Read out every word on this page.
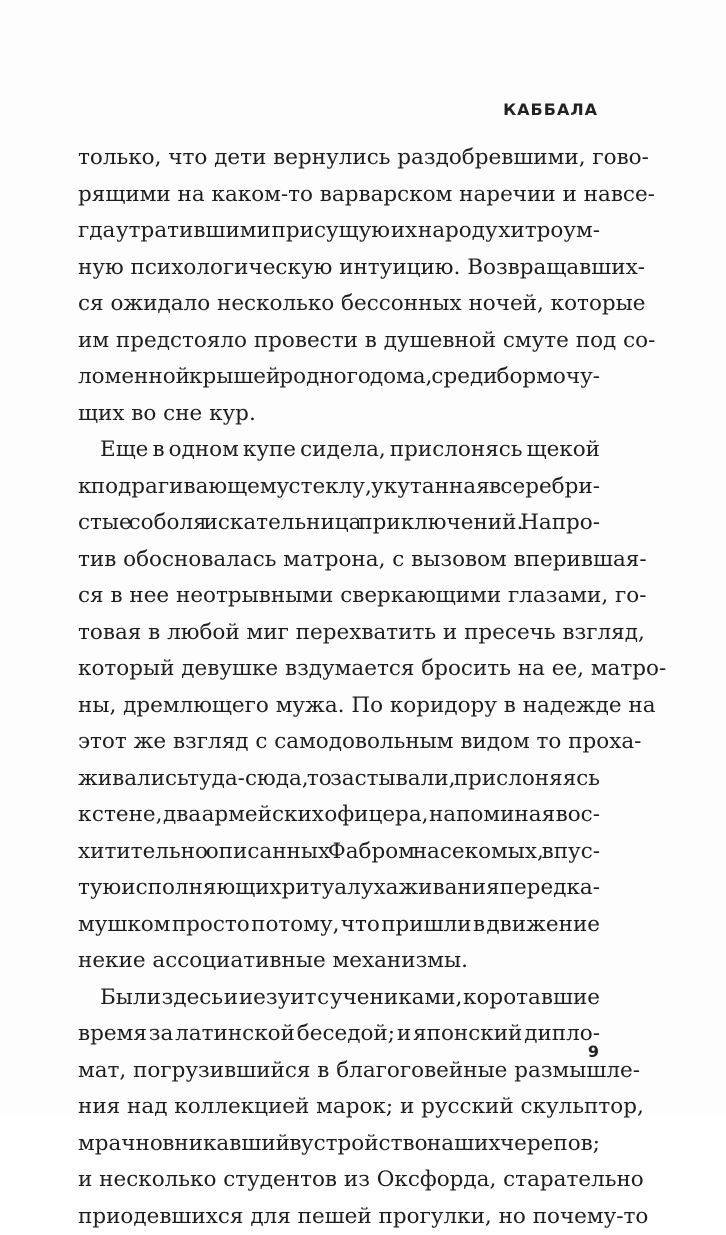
КАББАЛА
только, что дети вернулись раздобревшими, гово-
рящими на каком-то варварском наречии и навсе-
гда утратившими присущую их народу хитроум-
ную психологическую интуицию. Возвращавших-
ся ожидало несколько бессонных ночей, которые
им предстояло провести в душевной смуте под со-
ломенной крышей родного дома, среди бормочу-
щих во сне кур.
Еще в одном купе сидела, прислонясь щекой
к подрагивающему стеклу, укутанная в серебри-
стые соболя искательница приключений. Напро-
тив обосновалась матрона, с вызовом вперившая-
ся в нее неотрывными сверкающими глазами, го-
товая в любой миг перехватить и пресечь взгляд,
который девушке вздумается бросить на ее, матро-
ны, дремлющего мужа. По коридору в надежде на
этот же взгляд с самодовольным видом то проха-
живались туда-сюда, то застывали, прислоняясь
к стене, два армейских офицера, напоминая вос-
хитительно описанных Фабром насекомых, впус-
тую исполняющих ритуал ухаживания перед ка-
мушком просто потому, что пришли в движение
некие ассоциативные механизмы.
Были здесь и иезуит с учениками, коротавшие
время за латинской беседой; и японский дипло-
мат, погрузившийся в благоговейные размышле-
ния над коллекцией марок; и русский скульптор,
мрачно вникавший в устройство наших черепов;
и несколько студентов из Оксфорда, старательно
приодевшихся для пешей прогулки, но почему-то
9
